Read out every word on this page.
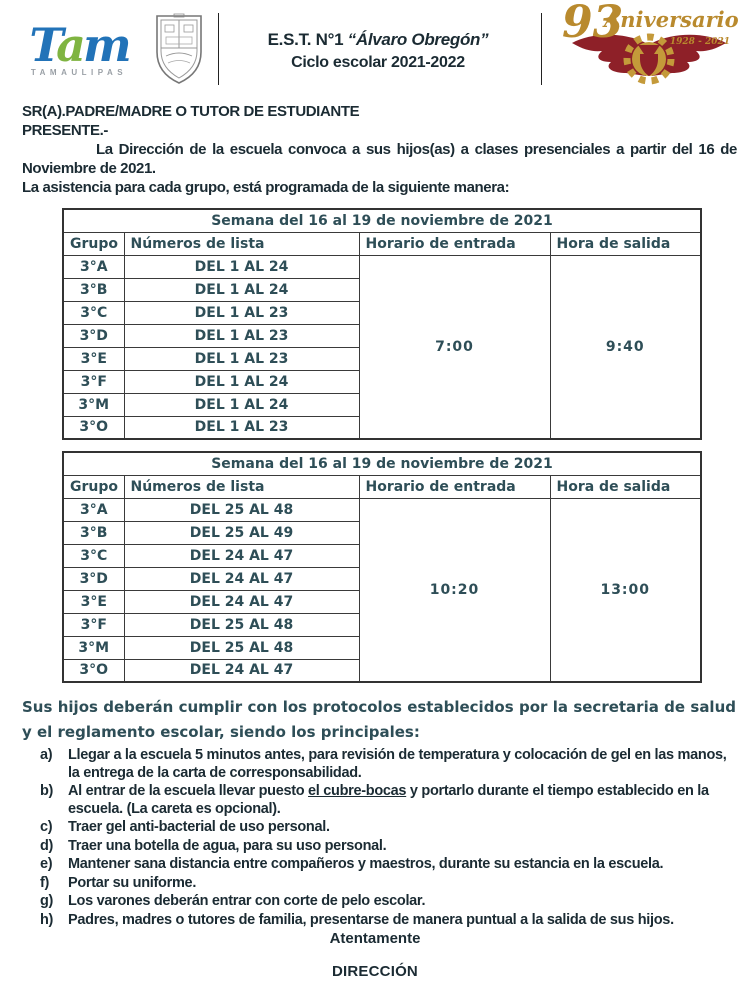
Tam
TAMAULIPAS
E.S.T. N°1 “Álvaro Obregón”
Ciclo escolar 2021-2022
93
Aniversario
1928 - 2021

SR(A).PADRE/MADRE O TUTOR DE ESTUDIANTE

PRESENTE.-

La Dirección de la escuela convoca a sus hijos(as) a clases presenciales a partir del 16 de Noviembre de 2021.

La asistencia para cada grupo, está programada de la siguiente manera:

Semana del 16 al 19 de noviembre de 2021			
Grupo	Números de lista	Horario de entrada	Hora de salida
3°A	DEL 1 AL 24	7:00	9:40
3°B	DEL 1 AL 24		
3°C	DEL 1 AL 23		
3°D	DEL 1 AL 23		
3°E	DEL 1 AL 23		
3°F	DEL 1 AL 24		
3°M	DEL 1 AL 24		
3°O	DEL 1 AL 23		
Semana del 16 al 19 de noviembre de 2021			
Grupo	Números de lista	Horario de entrada	Hora de salida
3°A	DEL 25 AL 48	10:20	13:00
3°B	DEL 25 AL 49		
3°C	DEL 24 AL 47		
3°D	DEL 24 AL 47		
3°E	DEL 24 AL 47		
3°F	DEL 25 AL 48		
3°M	DEL 25 AL 48		
3°O	DEL 24 AL 47		

Sus hijos deberán cumplir con los protocolos establecidos por la secretaria de salud y el reglamento escolar, siendo los principales:

a)	Llegar a la escuela 5 minutos antes, para revisión de temperatura y colocación de gel en las manos, la entrega de la carta de corresponsabilidad.
b)	Al entrar de la escuela llevar puesto el cubre-bocas y portarlo durante el tiempo establecido en la escuela. (La careta es opcional).
c)	Traer gel anti-bacterial de uso personal.
d)	Traer una botella de agua, para su uso personal.
e)	Mantener sana distancia entre compañeros y maestros, durante su estancia en la escuela.
f)	Portar su uniforme.
g)	Los varones deberán entrar con corte de pelo escolar.
h)	Padres, madres o tutores de familia, presentarse de manera puntual a la salida de sus hijos.

Atentamente

DIRECCIÓN
